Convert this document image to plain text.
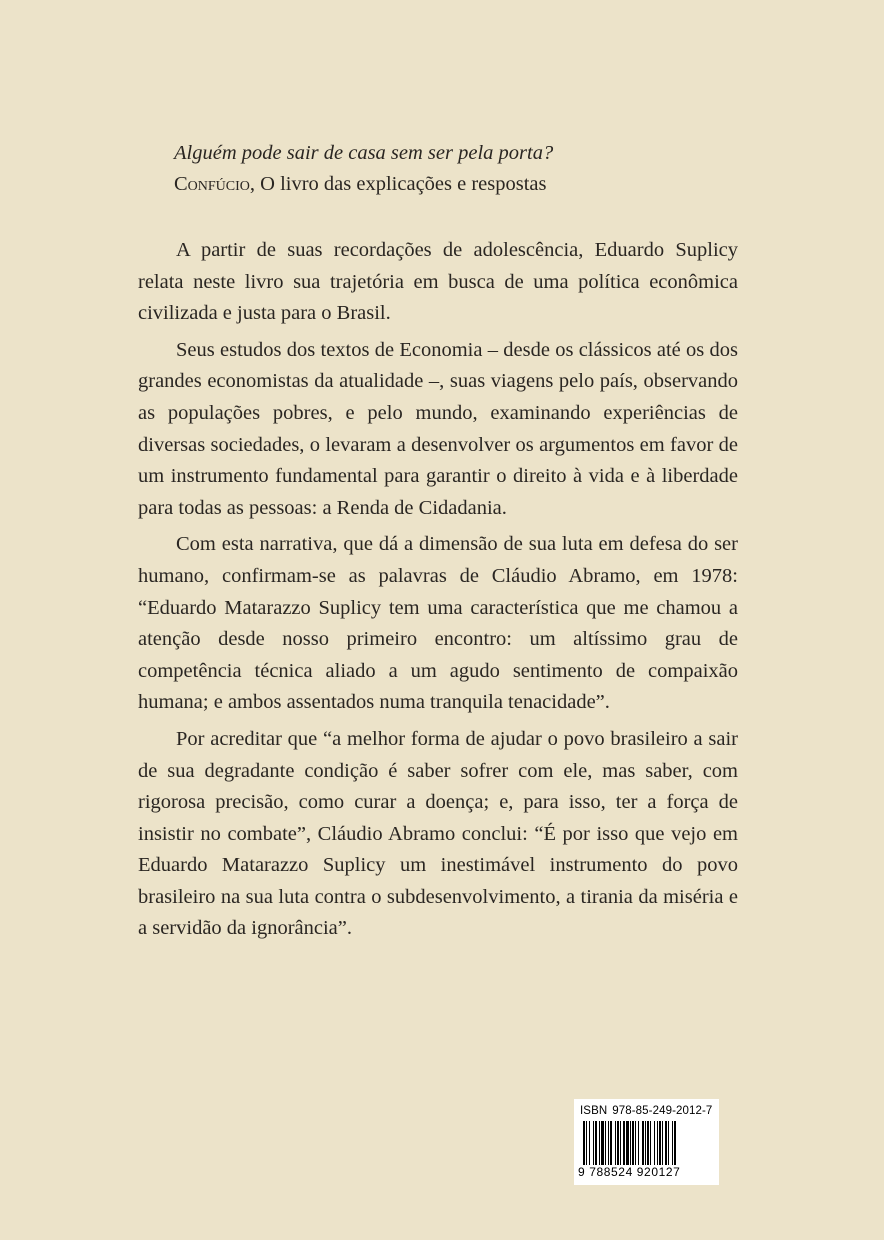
Alguém pode sair de casa sem ser pela porta?
Confúcio, O livro das explicações e respostas

A partir de suas recordações de adolescência, Eduardo Suplicy relata neste livro sua trajetória em busca de uma política econômica civilizada e justa para o Brasil.

Seus estudos dos textos de Economia – desde os clássicos até os dos grandes economistas da atualidade –, suas viagens pelo país, observando as populações pobres, e pelo mundo, examinando experiências de diversas sociedades, o levaram a desenvolver os argumentos em favor de um instrumento fundamental para garantir o direito à vida e à liberdade para todas as pessoas: a Renda de Cidadania.

Com esta narrativa, que dá a dimensão de sua luta em defesa do ser humano, confirmam-se as palavras de Cláudio Abramo, em 1978: “Eduardo Matarazzo Suplicy tem uma característica que me chamou a atenção desde nosso primeiro encontro: um altíssimo grau de competência técnica aliado a um agudo sentimento de compaixão humana; e ambos assentados numa tranquila tenacidade”.

Por acreditar que “a melhor forma de ajudar o povo brasileiro a sair de sua degradante condição é saber sofrer com ele, mas saber, com rigorosa precisão, como curar a doença; e, para isso, ter a força de insistir no combate”, Cláudio Abramo conclui: “É por isso que vejo em Eduardo Matarazzo Suplicy um inestimável instrumento do povo brasileiro na sua luta contra o subdesenvolvimento, a tirania da miséria e a servidão da ignorância”.

ISBN 978-85-249-2012-7
9 788524 920127
